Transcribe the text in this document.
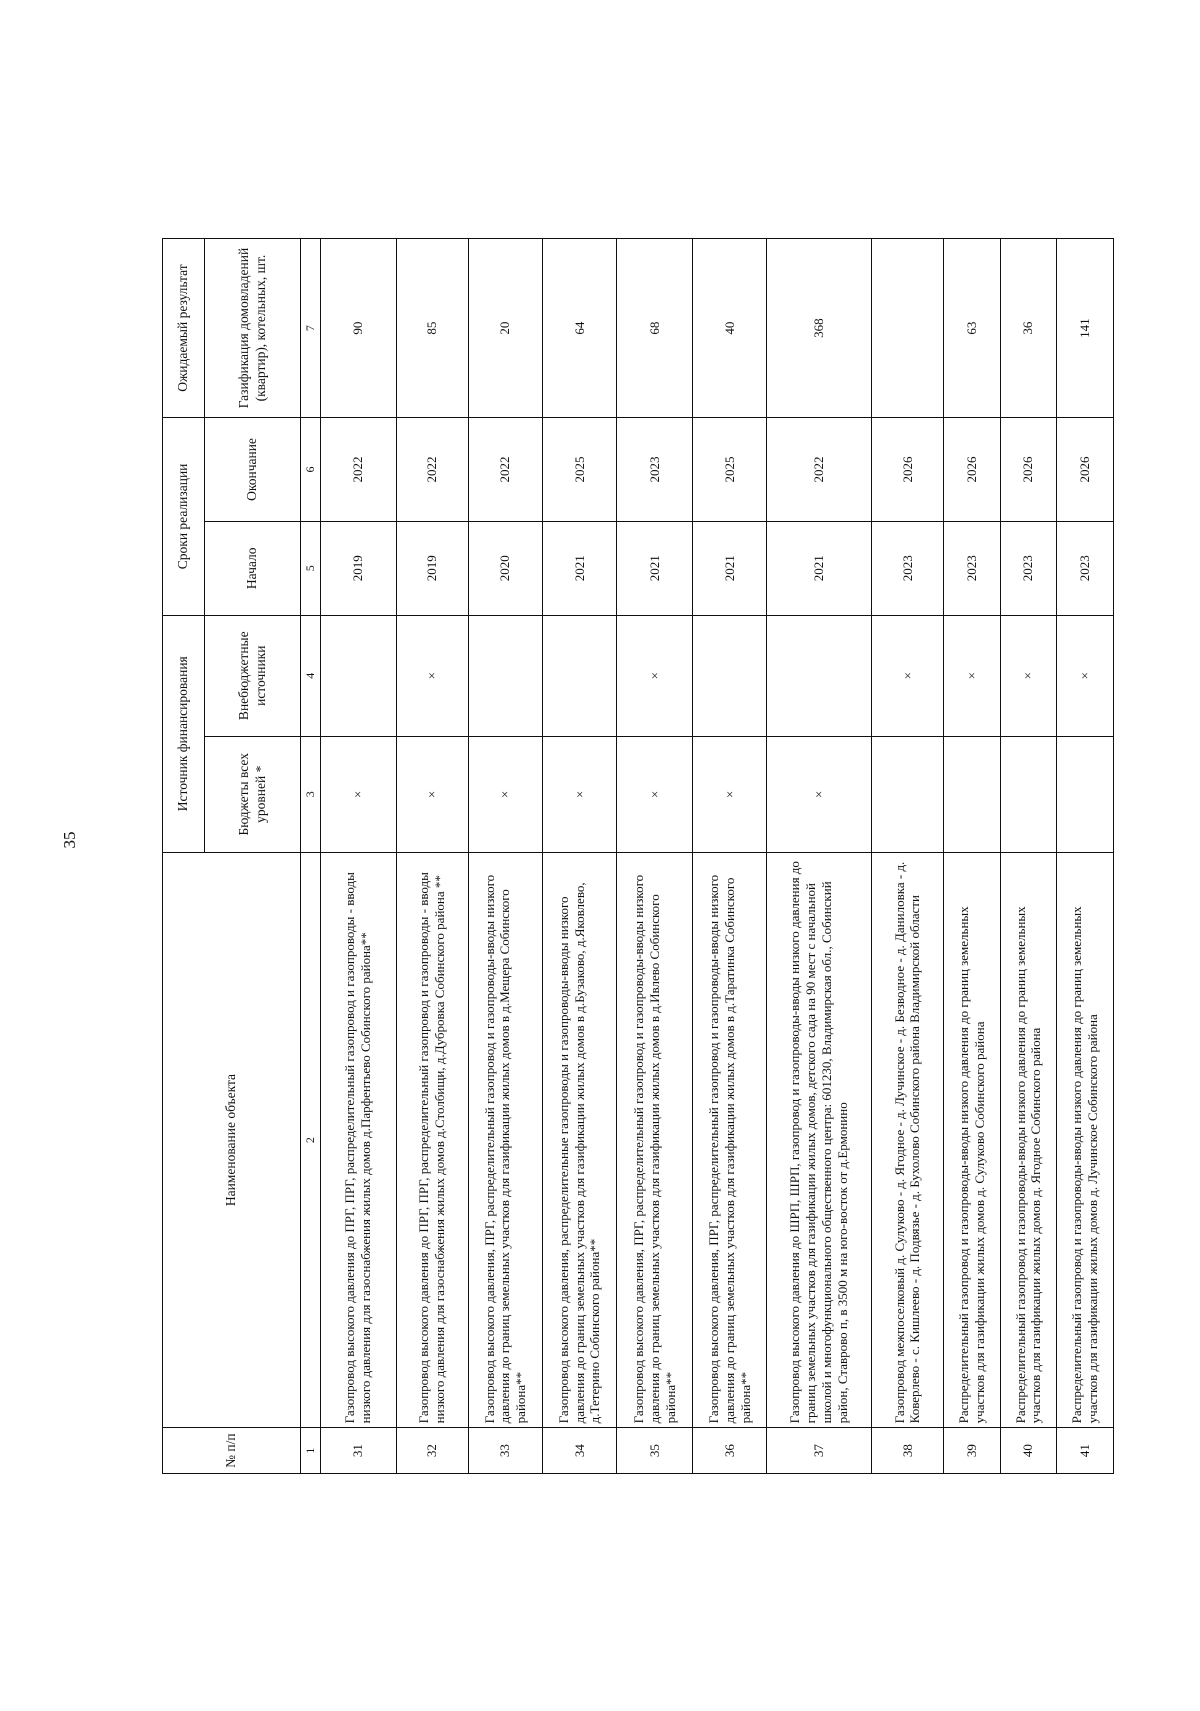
35
№ п/п	Наименование объекта	Источник финансирования		Сроки реализации		Ожидаемый результат
		Бюджеты всех уровней *	Внебюджетные источники	Начало	Окончание	Газификация домовладений (квартир), котельных, шт.
1	2	3	4	5	6	7
31	Газопровод высокого давления до ПРГ, ПРГ, распределительный газопровод и газопроводы - вводы низкого давления для газоснабжения жилых домов д.Парфентьево Собинского района**	×		2019	2022	90
32	Газопровод высокого давления до ПРГ, ПРГ, распределительный газопровод и газопроводы - вводы низкого давления для газоснабжения жилых домов д.Столбищи, д.Дубровка Собинского района **	×	×	2019	2022	85
33	Газопровод высокого давления, ПРГ, распределительный газопровод и газопроводы-вводы низкого давления до границ земельных участков для газификации жилых домов в д.Мещера Собинского района**	×		2020	2022	20
34	Газопровод высокого давления, распределительные газопроводы и газопроводы-вводы низкого давления до границ земельных участков для газификации жилых домов в д.Бузаково, д.Яковлево, д.Тетерино Собинского района**	×		2021	2025	64
35	Газопровод высокого давления, ПРГ, распределительный газопровод и газопроводы-вводы низкого давления до границ земельных участков для газификации жилых домов в д.Ивлево Собинского района**	×	×	2021	2023	68
36	Газопровод высокого давления, ПРГ, распределительный газопровод и газопроводы-вводы низкого давления до границ земельных участков для газификации жилых домов в д.Таратинка Собинского района**	×		2021	2025	40
37	Газопровод высокого давления до ШРП, ШРП, газопровод и газопроводы-вводы низкого давления до границ земельных участков для газификации жилых домов, детского сада на 90 мест с начальной школой и многофункционального общественного центра: 601230, Владимирская обл., Собинский район, Ставрово п, в 3500 м на юго-восток от д.Ермонино	×		2021	2022	368
38	Газопровод межпоселковый д. Сулуково - д. Ягодное - д. Лучинское - д. Безводное - д. Даниловка - д. Коверлево - с. Кишлеево - д. Подвязье - д. Бухолово Собинского района Владимирской области		×	2023	2026	
39	Распределительный газопровод и газопроводы-вводы низкого давления до границ земельных участков для газификации жилых домов д. Сулуково Собинского района		×	2023	2026	63
40	Распределительный газопровод и газопроводы-вводы низкого давления до границ земельных участков для газификации жилых домов д. Ягодное Собинского района		×	2023	2026	36
41	Распределительный газопровод и газопроводы-вводы низкого давления до границ земельных участков для газификации жилых домов д. Лучинское Собинского района		×	2023	2026	141
